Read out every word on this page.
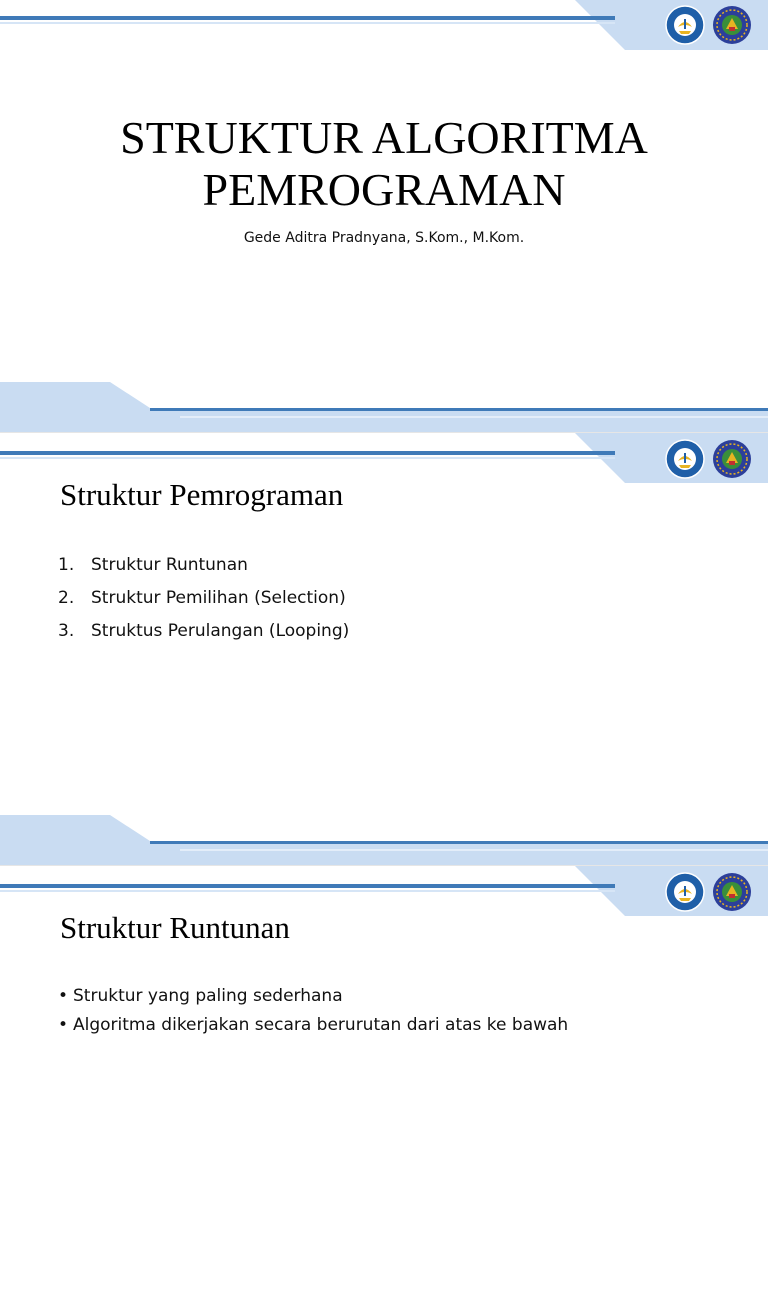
STRUKTUR ALGORITMA
PEMROGRAMAN
Gede Aditra Pradnyana, S.Kom., M.Kom.
Struktur Pemrograman
1. Struktur Runtunan
2. Struktur Pemilihan (Selection)
3. Struktus Perulangan (Looping)
Struktur Runtunan
• Struktur yang paling sederhana
• Algoritma dikerjakan secara berurutan dari atas ke bawah
